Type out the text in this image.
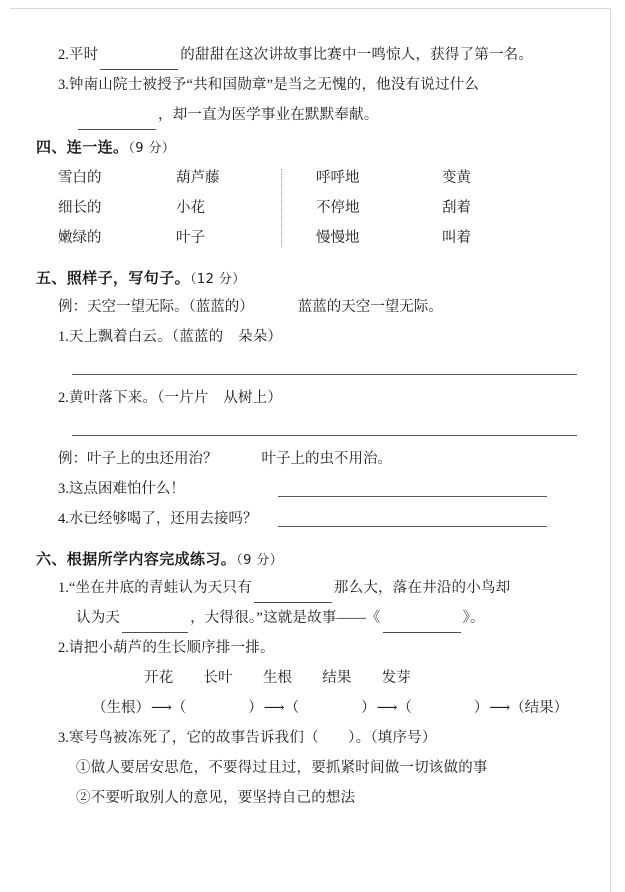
2.平时	的甜甜在这次讲故事比赛中一鸣惊人，获得了第一名。
3.钟南山院士被授予“共和国勋章”是当之无愧的，他没有说过什么
，却一直为医学事业在默默奉献。
四、连一连。（9 分）
雪白的	葫芦藤	呼呼地	变黄
细长的	小花	不停地	刮着
嫩绿的	叶子	慢慢地	叫着
五、照样子，写句子。（12 分）
例：天空一望无际。（蓝蓝的）	蓝蓝的天空一望无际。
1.天上飘着白云。（蓝蓝的　朵朵）
2.黄叶落下来。（一片片　从树上）
例：叶子上的虫还用治？	叶子上的虫不用治。
3.这点困难怕什么！
4.水已经够喝了，还用去接吗？
六、根据所学内容完成练习。（9 分）
1.“坐在井底的青蛙认为天只有	那么大，落在井沿的小鸟却
认为天	，大得很。”这就是故事——《	》。
2.请把小葫芦的生长顺序排一排。
开花 长叶 生根 结果 发芽
（生根）⟶（	）⟶（	）⟶（	）⟶（结果）
3.寒号鸟被冻死了，它的故事告诉我们（　　）。（填序号）
①做人要居安思危，不要得过且过，要抓紧时间做一切该做的事
②不要听取别人的意见，要坚持自己的想法
